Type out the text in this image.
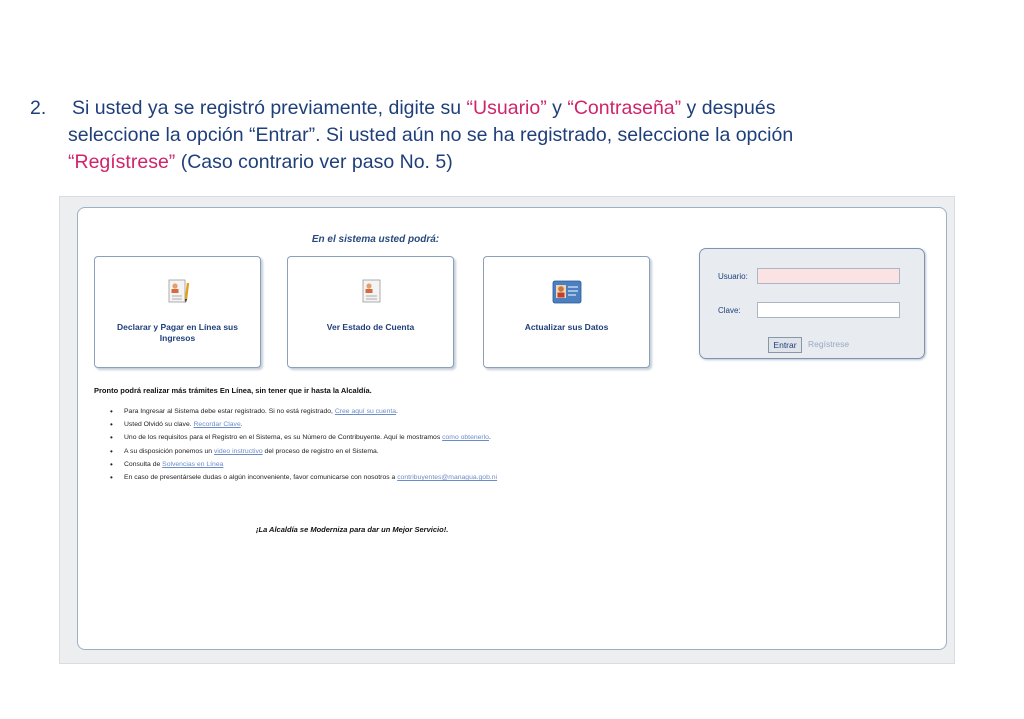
2. Si usted ya se registró previamente, digite su “Usuario” y “Contraseña” y después
seleccione la opción “Entrar”. Si usted aún no se ha registrado, seleccione la opción
“Regístrese” (Caso contrario ver paso No. 5)
En el sistema usted podrá:
Declarar y Pagar en Línea sus Ingresos
Ver Estado de Cuenta	Actualizar sus Datos
Usuario:
Clave:
Entrar	Regístrese
Pronto podrá realizar más trámites En Línea, sin tener que ir hasta la Alcaldía.
• Para Ingresar al Sistema debe estar registrado. Si no está registrado, Cree aquí su cuenta.
• Usted Olvidó su clave. Recordar Clave.
• Uno de los requisitos para el Registro en el Sistema, es su Número de Contribuyente. Aquí le mostramos como obtenerlo.
• A su disposición ponemos un video instructivo del proceso de registro en el Sistema.
• Consulta de Solvencias en Línea
• En caso de presentársele dudas o algún inconveniente, favor comunicarse con nosotros a contribuyentes@managua.gob.ni
¡La Alcaldía se Moderniza para dar un Mejor Servicio!.
